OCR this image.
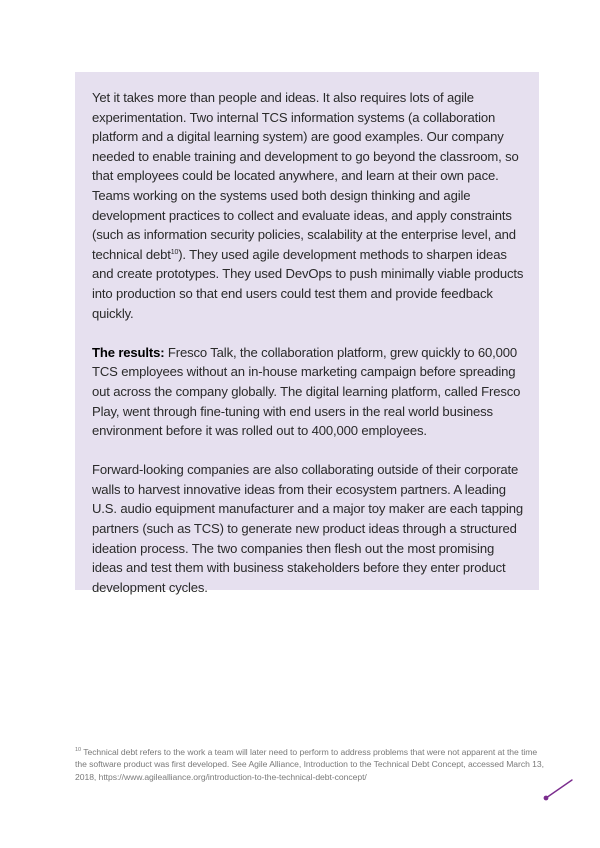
Yet it takes more than people and ideas. It also requires lots of agile experimentation. Two internal TCS information systems (a collaboration platform and a digital learning system) are good examples. Our company needed to enable training and development to go beyond the classroom, so that employees could be located anywhere, and learn at their own pace. Teams working on the systems used both design thinking and agile development practices to collect and evaluate ideas, and apply constraints (such as information security policies, scalability at the enterprise level, and technical debt$^{10}$). They used agile development methods to sharpen ideas and create prototypes. They used DevOps to push minimally viable products into production so that end users could test them and provide feedback quickly.

The results: Fresco Talk, the collaboration platform, grew quickly to 60,000 TCS employees without an in-house marketing campaign before spreading out across the company globally. The digital learning platform, called Fresco Play, went through fine-tuning with end users in the real world business environment before it was rolled out to 400,000 employees.

Forward-looking companies are also collaborating outside of their corporate walls to harvest innovative ideas from their ecosystem partners. A leading U.S. audio equipment manufacturer and a major toy maker are each tapping partners (such as TCS) to generate new product ideas through a structured ideation process. The two companies then flesh out the most promising ideas and test them with business stakeholders before they enter product development cycles.

$^{10}$ Technical debt refers to the work a team will later need to perform to address problems that were not apparent at the time the software product was first developed. See Agile Alliance, Introduction to the Technical Debt Concept, accessed March 13, 2018, https://www.agilealliance.org/introduction-to-the-technical-debt-concept/
